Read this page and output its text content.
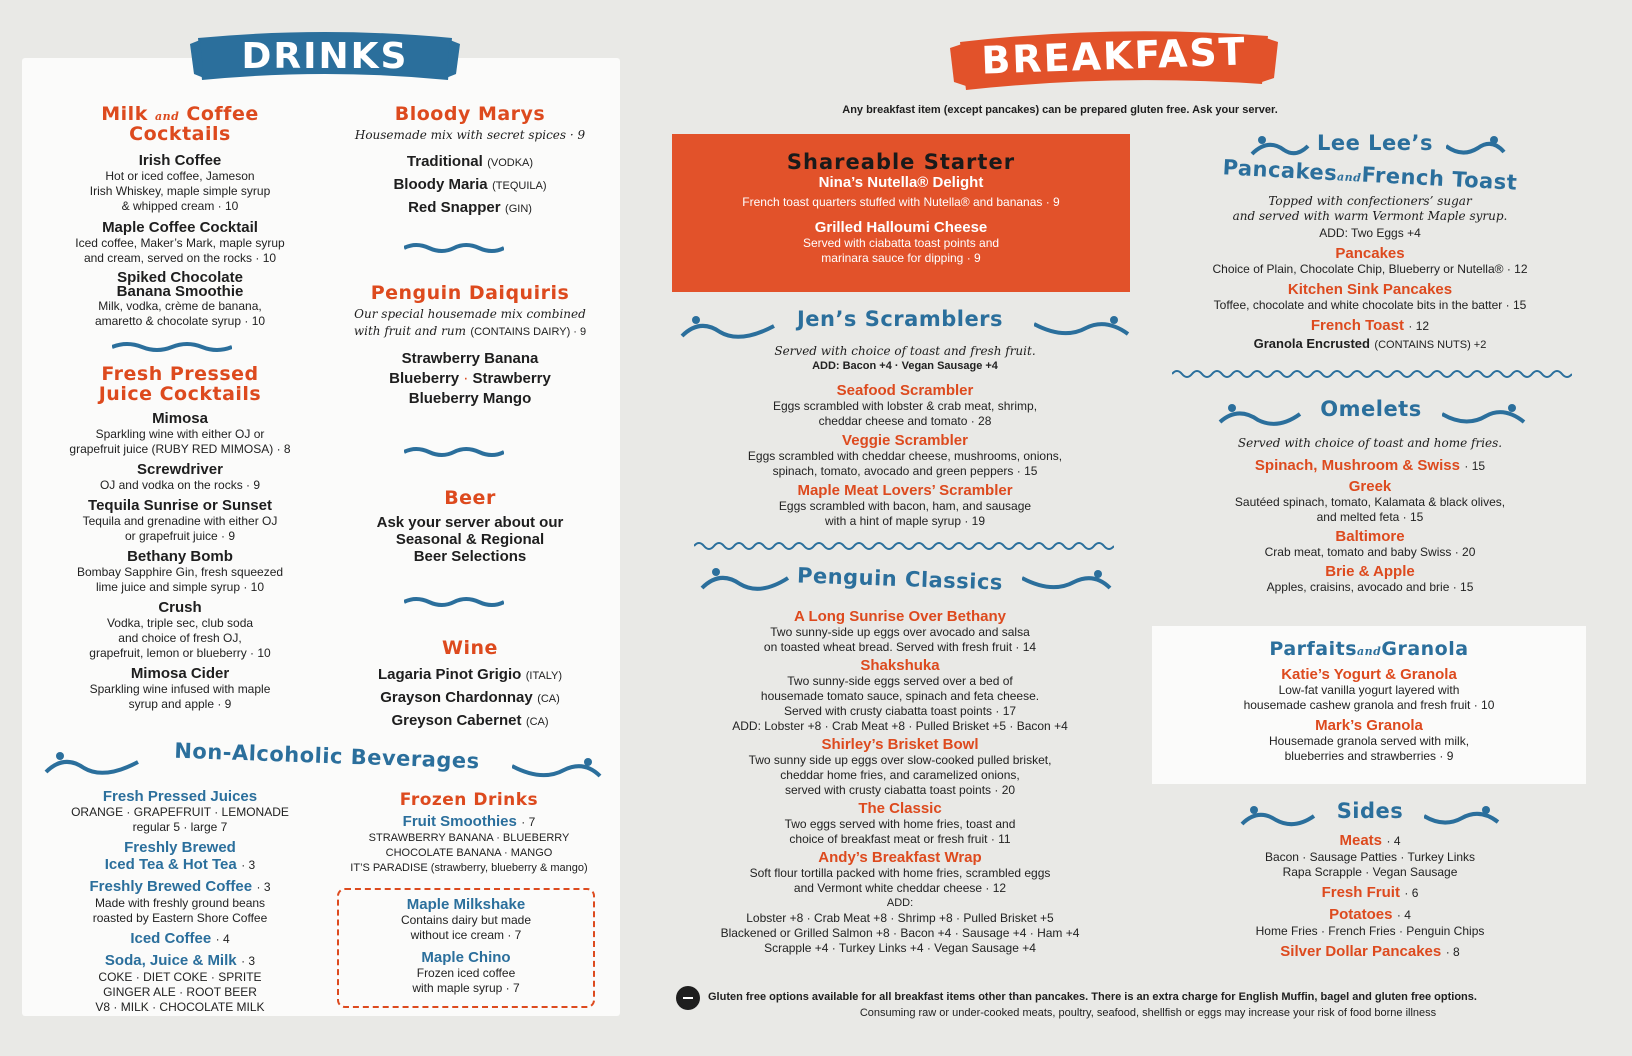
DRINKS
Milk and Coffee
Cocktails
Irish Coffee
Hot or iced coffee, Jameson
Irish Whiskey, maple simple syrup
& whipped cream · 10
Maple Coffee Cocktail
Iced coffee, Maker’s Mark, maple syrup
and cream, served on the rocks · 10
Spiked Chocolate
Banana Smoothie
Milk, vodka, crème de banana,
amaretto & chocolate syrup · 10
Fresh Pressed
Juice Cocktails
Mimosa
Sparkling wine with either OJ or
grapefruit juice (RUBY RED MIMOSA) · 8
Screwdriver
OJ and vodka on the rocks · 9
Tequila Sunrise or Sunset
Tequila and grenadine with either OJ
or grapefruit juice · 9
Bethany Bomb
Bombay Sapphire Gin, fresh squeezed
lime juice and simple syrup · 10
Crush
Vodka, triple sec, club soda
and choice of fresh OJ,
grapefruit, lemon or blueberry · 10
Mimosa Cider
Sparkling wine infused with maple
syrup and apple · 9
Bloody Marys
Housemade mix with secret spices · 9
Traditional (VODKA)
Bloody Maria (TEQUILA)
Red Snapper (GIN)
Penguin Daiquiris
Our special housemade mix combined
with fruit and rum (CONTAINS DAIRY) · 9
Strawberry Banana
Blueberry · Strawberry
Blueberry Mango
Beer
Ask your server about our
Seasonal & Regional
Beer Selections
Wine
Lagaria Pinot Grigio (ITALY)
Grayson Chardonnay (CA)
Greyson Cabernet (CA)
Non-Alcoholic Beverages
Fresh Pressed Juices
ORANGE · GRAPEFRUIT · LEMONADE
regular 5 · large 7
Freshly Brewed
Iced Tea & Hot Tea · 3
Freshly Brewed Coffee · 3
Made with freshly ground beans
roasted by Eastern Shore Coffee
Iced Coffee · 4
Soda, Juice & Milk · 3
COKE · DIET COKE · SPRITE
GINGER ALE · ROOT BEER
V8 · MILK · CHOCOLATE MILK
Frozen Drinks
Fruit Smoothies · 7
STRAWBERRY BANANA · BLUEBERRY
CHOCOLATE BANANA · MANGO
IT’S PARADISE (strawberry, blueberry & mango)
Maple Milkshake
Contains dairy but made
without ice cream · 7
Maple Chino
Frozen iced coffee
with maple syrup · 7
BREAKFAST
Any breakfast item (except pancakes) can be prepared gluten free. Ask your server.
Shareable Starter
Nina’s Nutella® Delight
French toast quarters stuffed with Nutella® and bananas · 9
Grilled Halloumi Cheese
Served with ciabatta toast points and
marinara sauce for dipping · 9
Jen’s Scramblers
Served with choice of toast and fresh fruit.
ADD: Bacon +4 · Vegan Sausage +4
Seafood Scrambler
Eggs scrambled with lobster & crab meat, shrimp,
cheddar cheese and tomato · 28
Veggie Scrambler
Eggs scrambled with cheddar cheese, mushrooms, onions,
spinach, tomato, avocado and green peppers · 15
Maple Meat Lovers’ Scrambler
Eggs scrambled with bacon, ham, and sausage
with a hint of maple syrup · 19
Penguin Classics
A Long Sunrise Over Bethany
Two sunny-side up eggs over avocado and salsa
on toasted wheat bread. Served with fresh fruit · 14
Shakshuka
Two sunny-side eggs served over a bed of
housemade tomato sauce, spinach and feta cheese.
Served with crusty ciabatta toast points · 17
ADD: Lobster +8 · Crab Meat +8 · Pulled Brisket +5 · Bacon +4
Shirley’s Brisket Bowl
Two sunny side up eggs over slow-cooked pulled brisket,
cheddar home fries, and caramelized onions,
served with crusty ciabatta toast points · 20
The Classic
Two eggs served with home fries, toast and
choice of breakfast meat or fresh fruit · 11
Andy’s Breakfast Wrap
Soft flour tortilla packed with home fries, scrambled eggs
and Vermont white cheddar cheese · 12
ADD:
Lobster +8 · Crab Meat +8 · Shrimp +8 · Pulled Brisket +5
Blackened or Grilled Salmon +8 · Bacon +4 · Sausage +4 · Ham +4
Scrapple +4 · Turkey Links +4 · Vegan Sausage +4
Gluten free options available for all breakfast items other than pancakes. There is an extra charge for English Muffin, bagel and gluten free options.
Consuming raw or under-cooked meats, poultry, seafood, shellfish or eggs may increase your risk of food borne illness
Lee Lee’s
PancakesandFrench Toast
Topped with confectioners’ sugar
and served with warm Vermont Maple syrup.
ADD: Two Eggs +4
Pancakes
Choice of Plain, Chocolate Chip, Blueberry or Nutella® · 12
Kitchen Sink Pancakes
Toffee, chocolate and white chocolate bits in the batter · 15
French Toast · 12
Granola Encrusted (CONTAINS NUTS) +2
Omelets
Served with choice of toast and home fries.
Spinach, Mushroom & Swiss · 15
Greek
Sautéed spinach, tomato, Kalamata & black olives,
and melted feta · 15
Baltimore
Crab meat, tomato and baby Swiss · 20
Brie & Apple
Apples, craisins, avocado and brie · 15
ParfaitsandGranola
Katie’s Yogurt & Granola
Low-fat vanilla yogurt layered with
housemade cashew granola and fresh fruit · 10
Mark’s Granola
Housemade granola served with milk,
blueberries and strawberries · 9
Sides
Meats · 4
Bacon · Sausage Patties · Turkey Links
Rapa Scrapple · Vegan Sausage
Fresh Fruit · 6
Potatoes · 4
Home Fries · French Fries · Penguin Chips
Silver Dollar Pancakes · 8
